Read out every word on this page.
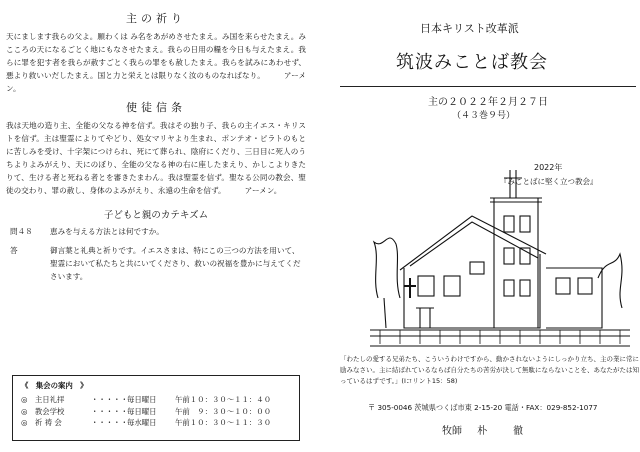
主の祈り

天にまします我らの父よ。願わくは み名をあがめさせたまえ。み国を来らせたまえ。みこころの天になるごとく地にもなさせたまえ。我らの日用の糧を今日も与えたまえ。我らに罪を犯す者を我らが赦すごとく我らの罪をも赦したまえ。我らを試みにあわせず、悪より救いいだしたまえ。国と力と栄えとは限りなく汝のものなればなり。　　　アーメン。

使徒信条

我は天地の造り主、全能の父なる神を信ず。我はその独り子、我らの主イエス・キリストを信ず。主は聖霊によりてやどり、処女マリヤより生まれ、ポンテオ・ピラトのもとに苦しみを受け、十字架につけられ、死にて葬られ、陰府にくだり、三日目に死人のうちよりよみがえり、天にのぼり、全能の父なる神の右に座したまえり、かしこよりきたりて、生ける者と死ねる者とを審きたまわん。我は聖霊を信ず。聖なる公同の教会、聖徒の交わり、罪の赦し、身体のよみがえり、永遠の生命を信ず。　　　アーメン。

子どもと親のカテキズム
問４８	恵みを与える方法とは何ですか。
答	御言葉と礼典と祈りです。イエスさまは、特にこの三つの方法を用いて、聖霊において私たちと共にいてくださり、救いの祝福を豊かに与えてくださいます。
《　集会の案内　》
◎　主日礼拝	・・・・・ 毎日曜日	午前１０：３０～１１：４０
◎　教会学校	・・・・・ 毎日曜日	午前　９：３０～１０：００
◎　祈 祷 会	・・・・・ 毎水曜日	午前１０：３０～１１：３０
日本キリスト改革派
筑波みことば教会
主の２０２２年２月２７日
（４３巻９号）
2022年
『みことばに堅く立つ教会』
「わたしの愛する兄弟たち、こういうわけですから、動かされないようにしっかり立ち、主の業に常に励みなさい。主に結ばれているならば自分たちの苦労が決して無駄にならないことを、あなたがたは知っているはずです。」(Ⅰコリント15：58)
〒 305-0046 茨城県つくば市東 2-15-20 電話・FAX：029-852-1077
牧師 朴　徹
